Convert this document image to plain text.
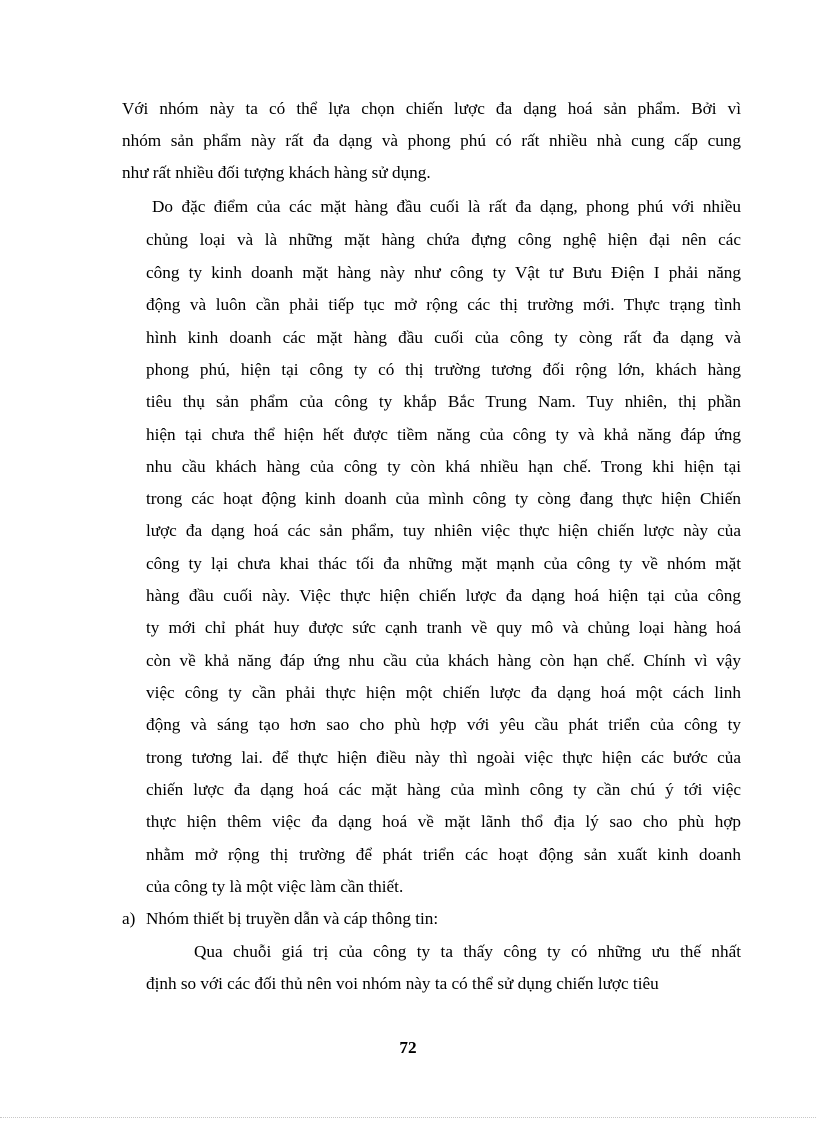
Với nhóm này ta có thể lựa chọn chiến lược đa dạng hoá sản phẩm. Bởi vì
nhóm sản phẩm này rất đa dạng và phong phú có rất nhiều nhà cung cấp cung
như rất nhiều đối tượng khách hàng sử dụng.
Do đặc điểm của các mặt hàng đầu cuối là rất đa dạng, phong phú với nhiều
chủng loại và là những mặt hàng chứa đựng công nghệ hiện đại nên các
công ty kinh doanh mặt hàng này như công ty Vật tư Bưu Điện I phải năng
động và luôn cần phải tiếp tục mở rộng các thị trường mới. Thực trạng tình
hình kinh doanh các mặt hàng đầu cuối của công ty còng rất đa dạng và
phong phú, hiện tại công ty có thị trường tương đối rộng lớn, khách hàng
tiêu thụ sản phẩm của công ty khắp Bắc Trung Nam. Tuy nhiên, thị phần
hiện tại chưa thể hiện hết được tiềm năng của công ty và khả năng đáp ứng
nhu cầu khách hàng của công ty còn khá nhiều hạn chế. Trong khi hiện tại
trong các hoạt động kinh doanh của mình công ty còng đang thực hiện Chiến
lược đa dạng hoá các sản phẩm, tuy nhiên việc thực hiện chiến lược này của
công ty lại chưa khai thác tối đa những mặt mạnh của công ty về nhóm mặt
hàng đầu cuối này. Việc thực hiện chiến lược đa dạng hoá hiện tại của công
ty mới chỉ phát huy được sức cạnh tranh về quy mô và chủng loại hàng hoá
còn về khả năng đáp ứng nhu cầu của khách hàng còn hạn chế. Chính vì vậy
việc công ty cần phải thực hiện một chiến lược đa dạng hoá một cách linh
động và sáng tạo hơn sao cho phù hợp với yêu cầu phát triển của công ty
trong tương lai. để thực hiện điều này thì ngoài việc thực hiện các bước của
chiến lược đa dạng hoá các mặt hàng của mình công ty cần chú ý tới việc
thực hiện thêm việc đa dạng hoá về mặt lãnh thổ địa lý sao cho phù hợp
nhằm mở rộng thị trường để phát triển các hoạt động sản xuất kinh doanh
của công ty là một việc làm cần thiết.
a) Nhóm thiết bị truyền dẫn và cáp thông tin:
Qua chuỗi giá trị của công ty ta thấy công ty có những ưu thế nhất
định so với các đối thủ nên voi nhóm này ta có thể sử dụng chiến lược tiêu
72
